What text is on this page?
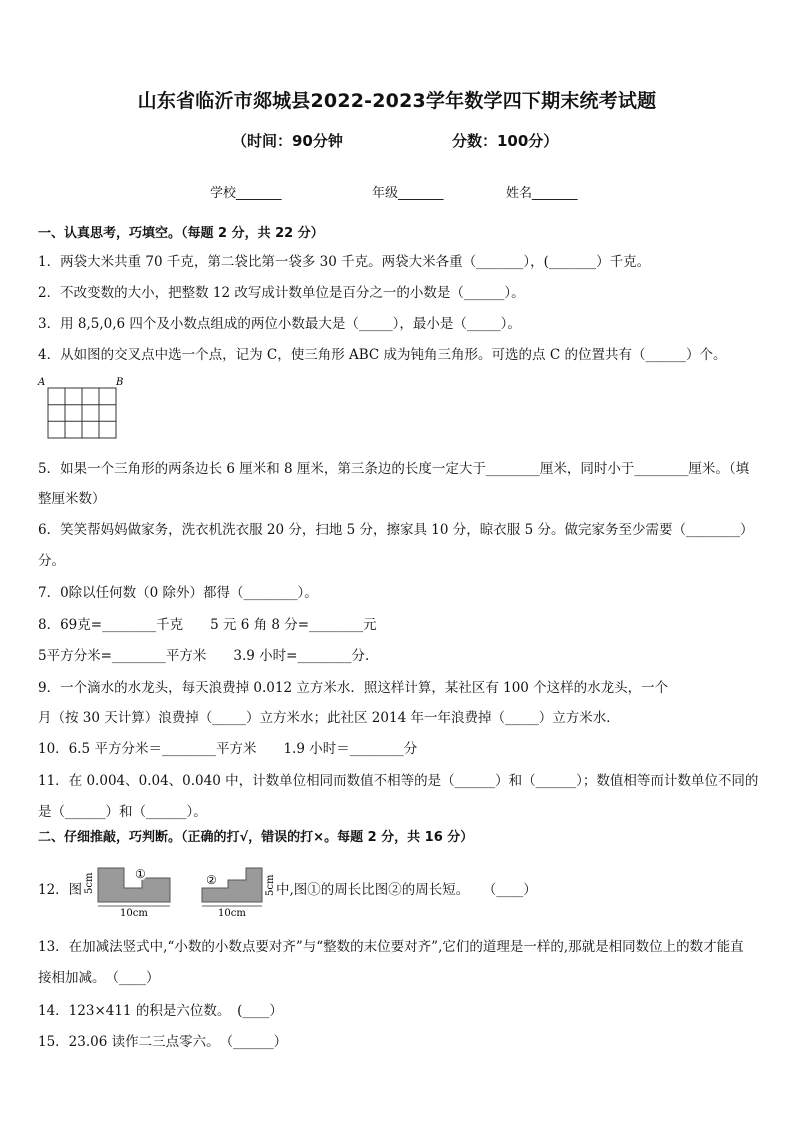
山东省临沂市郯城县2022-2023学年数学四下期末统考试题
（时间：90分钟	分数：100分）
学校_______	年级_______	姓名_______
一、认真思考，巧填空。（每题 2 分，共 22 分）
1．两袋大米共重 70 千克，第二袋比第一袋多 30 千克。两袋大米各重（_______），(_______）千克。
2．不改变数的大小，把整数 12 改写成计数单位是百分之一的小数是（______）。
3．用 8,5,0,6 四个及小数点组成的两位小数最大是（_____），最小是（_____）。
4．从如图的交叉点中选一个点，记为 C，使三角形 ABC 成为钝角三角形。可选的点 C 的位置共有（______）个。
A	B
5．如果一个三角形的两条边长 6 厘米和 8 厘米，第三条边的长度一定大于________厘米，同时小于________厘米。（填
整厘米数）
6．笑笑帮妈妈做家务，洗衣机洗衣服 20 分，扫地 5 分，擦家具 10 分，晾衣服 5 分。做完家务至少需要（________）
分。
7．0除以任何数（0 除外）都得（________）。
8．69克=________千克　　5 元 6 角 8 分=________元
5平方分米=________平方米　　3.9 小时=________分.
9．一个滴水的水龙头，每天浪费掉 0.012 立方米水．照这样计算，某社区有 100 个这样的水龙头，一个
月（按 30 天计算）浪费掉（_____）立方米水；此社区 2014 年一年浪费掉（_____）立方米水．
10．6.5 平方分米＝________平方米　　1.9 小时＝________分
11．在 0.004、0.04、0.040 中，计数单位相同而数值不相等的是（______）和（______）；数值相等而计数单位不同的
是（______）和（______）。
二、仔细推敲，巧判断。（正确的打√，错误的打×。每题 2 分，共 16 分）
12．图 5cm	①
10cm
②	5cm
10cm
中,图①的周长比图②的周长短。　　（____）
13．在加减法竖式中,“小数的小数点要对齐”与“整数的末位要对齐”,它们的道理是一样的,那就是相同数位上的数才能直
接相加减。　（____）
14．123×411 的积是六位数。　(____）
15．23.06 读作二三点零六。　（______）
